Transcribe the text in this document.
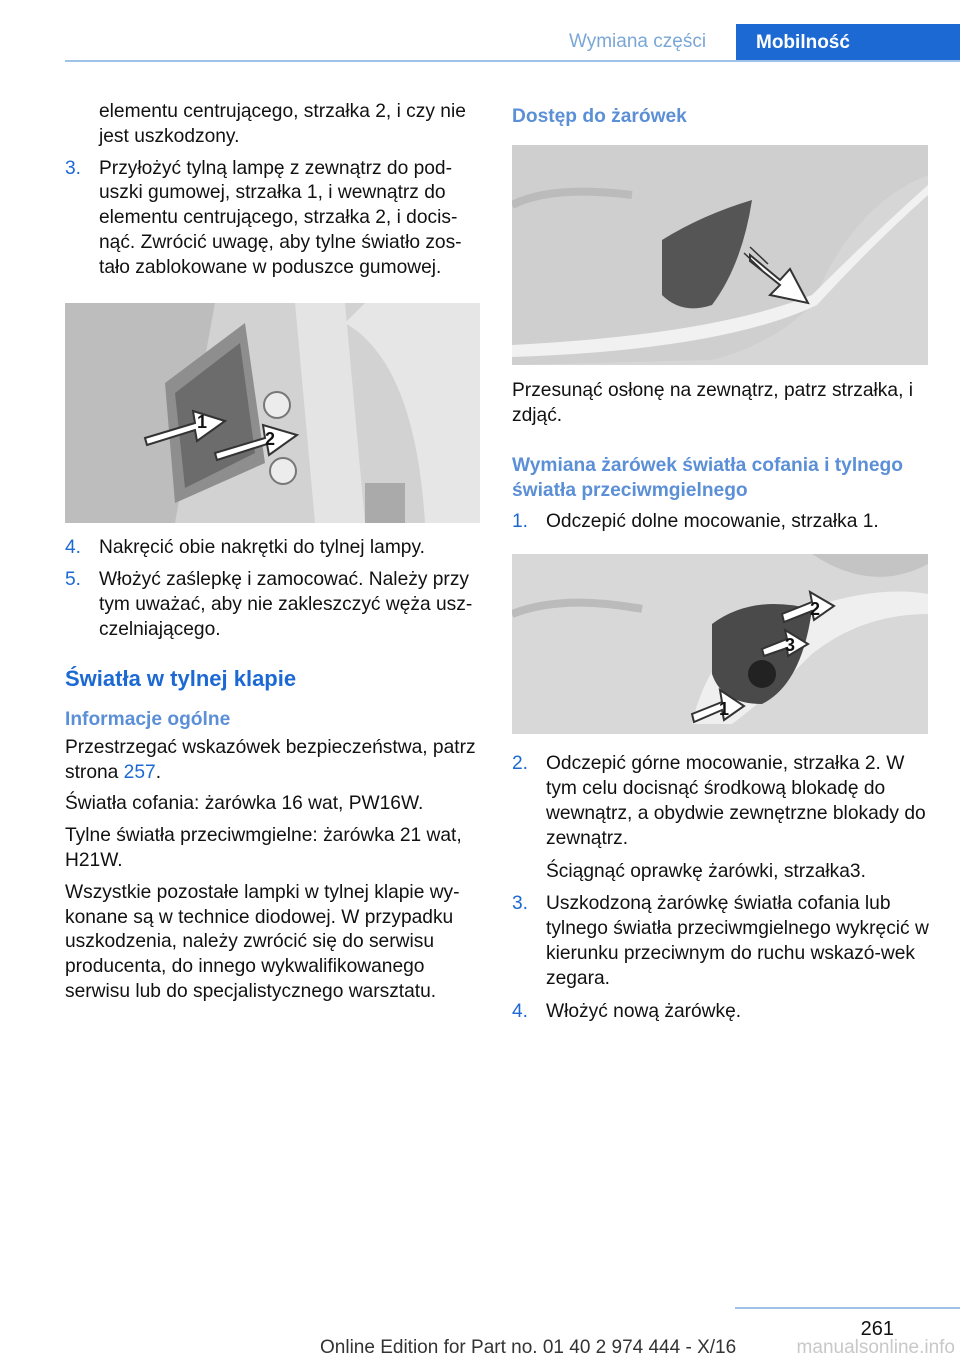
Wymiana części	Mobilność

elementu centrującego, strzałka 2, i czy nie jest uszkodzony.

3. Przyłożyć tylną lampę z zewnątrz do pod-uszki gumowej, strzałka 1, i wewnątrz do elementu centrującego, strzałka 2, i docis-nąć. Zwrócić uwagę, aby tylne światło zos-tało zablokowane w poduszce gumowej.
1
2
4. Nakręcić obie nakrętki do tylnej lampy.
5. Włożyć zaślepkę i zamocować. Należy przy tym uważać, aby nie zakleszczyć węża usz-czelniającego.
Światła w tylnej klapie
Informacje ogólne

Przestrzegać wskazówek bezpieczeństwa, patrz strona 257.

Światła cofania: żarówka 16 wat, PW16W.

Tylne światła przeciwmgielne: żarówka 21 wat, H21W.

Wszystkie pozostałe lampki w tylnej klapie wy-konane są w technice diodowej. W przypadku uszkodzenia, należy zwrócić się do serwisu producenta, do innego wykwalifikowanego serwisu lub do specjalistycznego warsztatu.

Dostęp do żarówek

Przesunąć osłonę na zewnątrz, patrz strzałka, i zdjąć.

Wymiana żarówek światła cofania i tylnego światła przeciwmgielnego
1. Odczepić dolne mocowanie, strzałka 1.
2
3
1
2. Odczepić górne mocowanie, strzałka 2. W tym celu docisnąć środkową blokadę do wewnątrz, a obydwie zewnętrzne blokady do zewnątrz.

Ściągnąć oprawkę żarówki, strzałka3.

3. Uszkodzoną żarówkę światła cofania lub tylnego światła przeciwmgielnego wykręcić w kierunku przeciwnym do ruchu wskazó-wek zegara.
4. Włożyć nową żarówkę.
261
Online Edition for Part no. 01 40 2 974 444 - X/16	manualsonline.info
